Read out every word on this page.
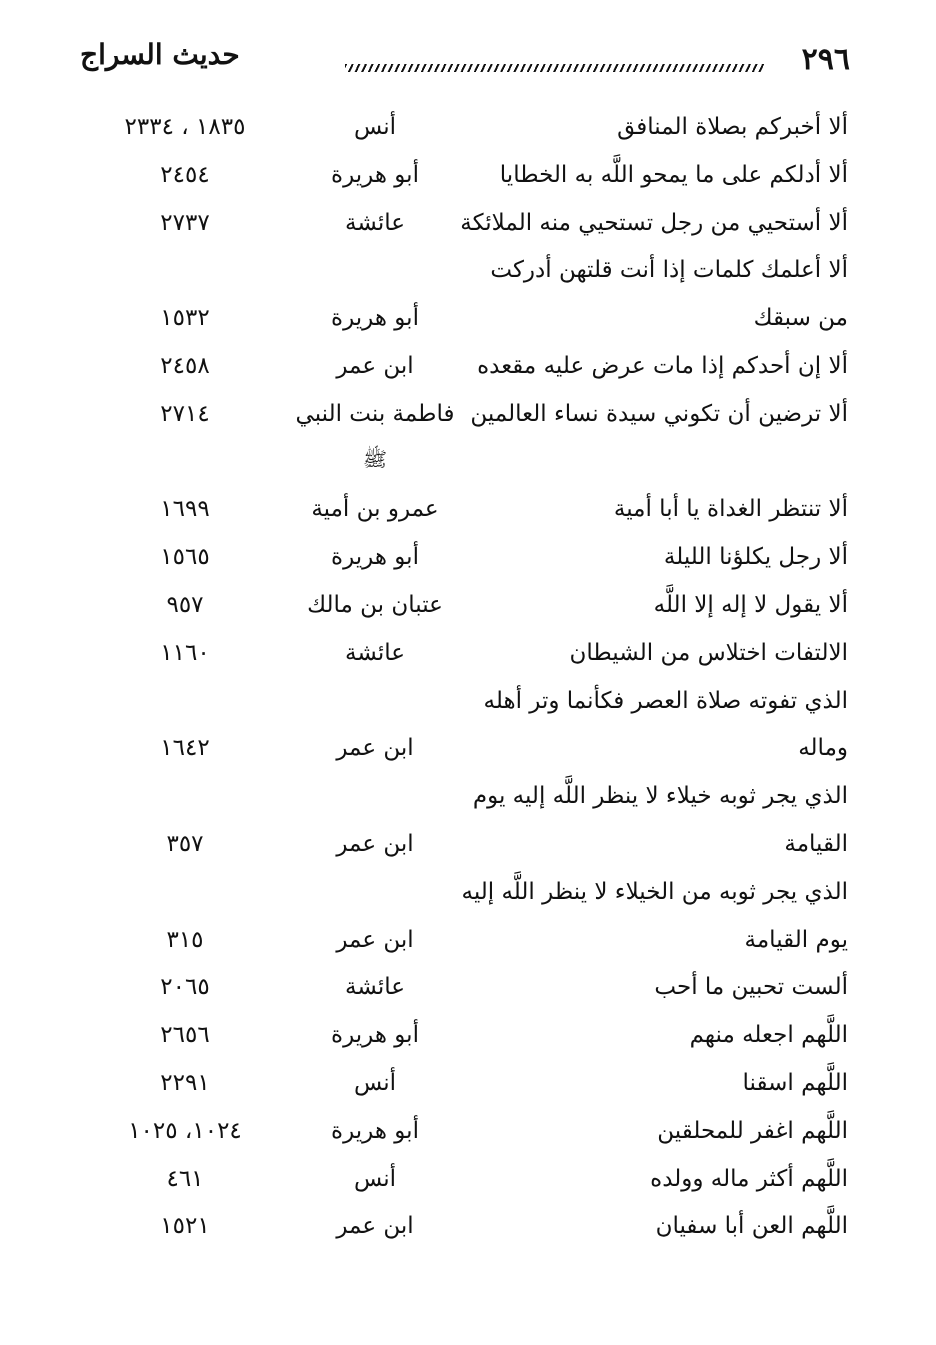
٢٩٦
حديث السراج
ألا أخبركم بصلاة المنافق
أنس
١٨٣٥ ، ٢٣٣٤
ألا أدلكم على ما يمحو اللَّه به الخطايا
أبو هريرة
٢٤٥٤
ألا أستحيي من رجل تستحيي منه الملائكة
عائشة
٢٧٣٧
ألا أعلمك كلمات إذا أنت قلتهن أدركت
من سبقك
أبو هريرة
١٥٣٢
ألا إن أحدكم إذا مات عرض عليه مقعده
ابن عمر
٢٤٥٨
ألا ترضين أن تكوني سيدة نساء العالمين
فاطمة بنت النبي
٢٧١٤
ﷺ
ألا تنتظر الغداة يا أبا أمية
عمرو بن أمية
١٦٩٩
ألا رجل يكلؤنا الليلة
أبو هريرة
١٥٦٥
ألا يقول لا إله إلا اللَّه
عتبان بن مالك
٩٥٧
الالتفات اختلاس من الشيطان
عائشة
١١٦٠
الذي تفوته صلاة العصر فكأنما وتر أهله
وماله
ابن عمر
١٦٤٢
الذي يجر ثوبه خيلاء لا ينظر اللَّه إليه يوم
القيامة
ابن عمر
٣٥٧
الذي يجر ثوبه من الخيلاء لا ينظر اللَّه إليه
يوم القيامة
ابن عمر
٣١٥
ألست تحبين ما أحب
عائشة
٢٠٦٥
اللَّهم اجعله منهم
أبو هريرة
٢٦٥٦
اللَّهم اسقنا
أنس
٢٢٩١
اللَّهم اغفر للمحلقين
أبو هريرة
١٠٢٤، ١٠٢٥
اللَّهم أكثر ماله وولده
أنس
٤٦١
اللَّهم العن أبا سفيان
ابن عمر
١٥٢١
